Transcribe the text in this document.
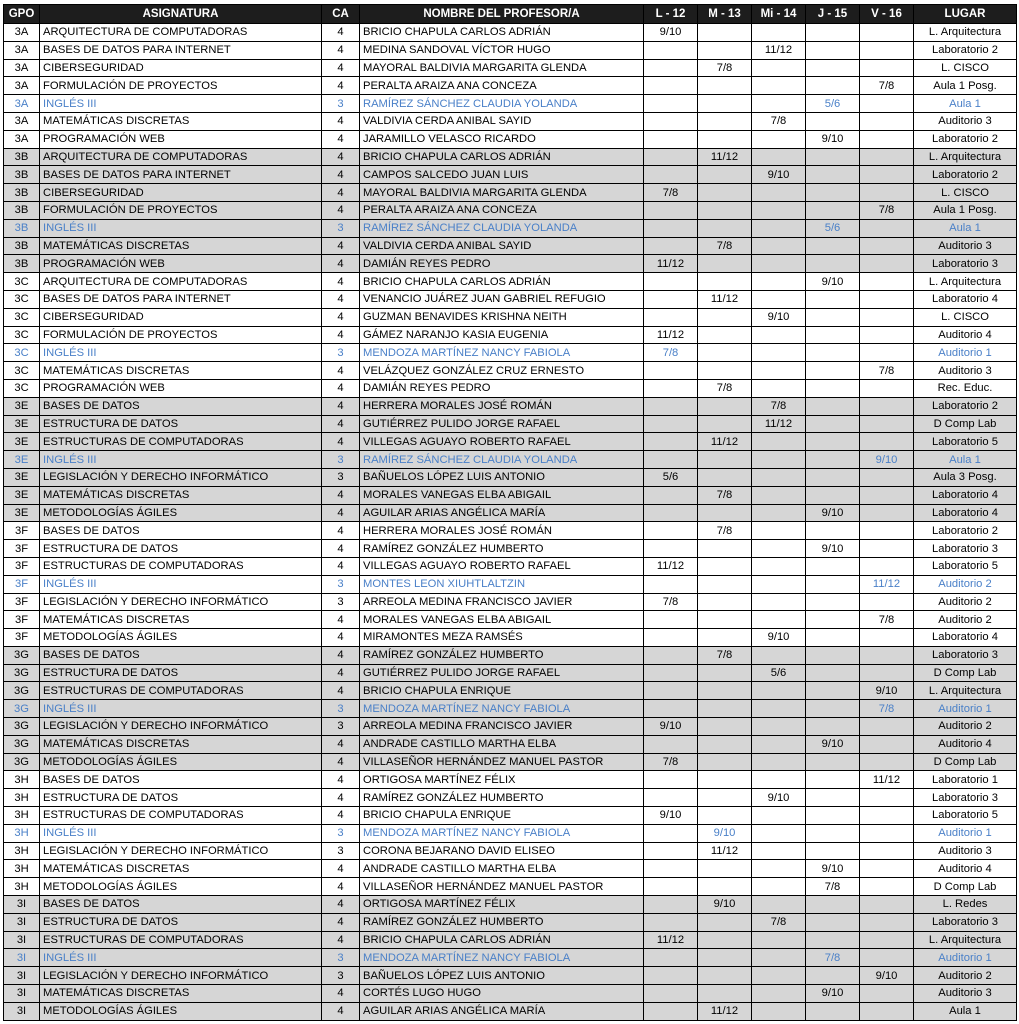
GPO	ASIGNATURA	CA	NOMBRE DEL PROFESOR/A	L - 12	M - 13	Mi - 14	J - 15	V - 16	LUGAR
3A	ARQUITECTURA DE COMPUTADORAS	4	BRICIO CHAPULA CARLOS ADRIÁN	9/10					L. Arquitectura
3A	BASES DE DATOS PARA INTERNET	4	MEDINA SANDOVAL VÍCTOR HUGO			11/12			Laboratorio 2
3A	CIBERSEGURIDAD	4	MAYORAL BALDIVIA MARGARITA GLENDA		7/8				L. CISCO
3A	FORMULACIÓN DE PROYECTOS	4	PERALTA ARAIZA ANA CONCEZA					7/8	Aula 1 Posg.
3A	INGLÉS III	3	RAMÍREZ SÁNCHEZ CLAUDIA YOLANDA				5/6		Aula 1
3A	MATEMÁTICAS DISCRETAS	4	VALDIVIA CERDA ANIBAL SAYID			7/8			Auditorio 3
3A	PROGRAMACIÓN WEB	4	JARAMILLO VELASCO RICARDO				9/10		Laboratorio 2
3B	ARQUITECTURA DE COMPUTADORAS	4	BRICIO CHAPULA CARLOS ADRIÁN		11/12				L. Arquitectura
3B	BASES DE DATOS PARA INTERNET	4	CAMPOS SALCEDO JUAN LUIS			9/10			Laboratorio 2
3B	CIBERSEGURIDAD	4	MAYORAL BALDIVIA MARGARITA GLENDA	7/8					L. CISCO
3B	FORMULACIÓN DE PROYECTOS	4	PERALTA ARAIZA ANA CONCEZA					7/8	Aula 1 Posg.
3B	INGLÉS III	3	RAMÍREZ SÁNCHEZ CLAUDIA YOLANDA				5/6		Aula 1
3B	MATEMÁTICAS DISCRETAS	4	VALDIVIA CERDA ANIBAL SAYID		7/8				Auditorio 3
3B	PROGRAMACIÓN WEB	4	DAMIÁN REYES PEDRO	11/12					Laboratorio 3
3C	ARQUITECTURA DE COMPUTADORAS	4	BRICIO CHAPULA CARLOS ADRIÁN				9/10		L. Arquitectura
3C	BASES DE DATOS PARA INTERNET	4	VENANCIO JUÁREZ JUAN GABRIEL REFUGIO		11/12				Laboratorio 4
3C	CIBERSEGURIDAD	4	GUZMAN BENAVIDES KRISHNA NEITH			9/10			L. CISCO
3C	FORMULACIÓN DE PROYECTOS	4	GÁMEZ NARANJO KASIA EUGENIA	11/12					Auditorio 4
3C	INGLÉS III	3	MENDOZA MARTÍNEZ NANCY FABIOLA	7/8					Auditorio 1
3C	MATEMÁTICAS DISCRETAS	4	VELÁZQUEZ GONZÁLEZ CRUZ ERNESTO					7/8	Auditorio 3
3C	PROGRAMACIÓN WEB	4	DAMIÁN REYES PEDRO		7/8				Rec. Educ.
3E	BASES DE DATOS	4	HERRERA MORALES JOSÉ ROMÁN			7/8			Laboratorio 2
3E	ESTRUCTURA DE DATOS	4	GUTIÉRREZ PULIDO JORGE RAFAEL			11/12			D Comp Lab
3E	ESTRUCTURAS DE COMPUTADORAS	4	VILLEGAS AGUAYO ROBERTO RAFAEL		11/12				Laboratorio 5
3E	INGLÉS III	3	RAMÍREZ SÁNCHEZ CLAUDIA YOLANDA					9/10	Aula 1
3E	LEGISLACIÓN Y DERECHO INFORMÁTICO	3	BAÑUELOS LÓPEZ LUIS ANTONIO	5/6					Aula 3 Posg.
3E	MATEMÁTICAS DISCRETAS	4	MORALES VANEGAS ELBA ABIGAIL		7/8				Laboratorio 4
3E	METODOLOGÍAS ÁGILES	4	AGUILAR ARIAS ANGÉLICA MARÍA				9/10		Laboratorio 4
3F	BASES DE DATOS	4	HERRERA MORALES JOSÉ ROMÁN		7/8				Laboratorio 2
3F	ESTRUCTURA DE DATOS	4	RAMÍREZ GONZÁLEZ HUMBERTO				9/10		Laboratorio 3
3F	ESTRUCTURAS DE COMPUTADORAS	4	VILLEGAS AGUAYO ROBERTO RAFAEL	11/12					Laboratorio 5
3F	INGLÉS III	3	MONTES LEON XIUHTLALTZIN					11/12	Auditorio 2
3F	LEGISLACIÓN Y DERECHO INFORMÁTICO	3	ARREOLA MEDINA FRANCISCO JAVIER	7/8					Auditorio 2
3F	MATEMÁTICAS DISCRETAS	4	MORALES VANEGAS ELBA ABIGAIL					7/8	Auditorio 2
3F	METODOLOGÍAS ÁGILES	4	MIRAMONTES MEZA RAMSÉS			9/10			Laboratorio 4
3G	BASES DE DATOS	4	RAMÍREZ GONZÁLEZ HUMBERTO		7/8				Laboratorio 3
3G	ESTRUCTURA DE DATOS	4	GUTIÉRREZ PULIDO JORGE RAFAEL			5/6			D Comp Lab
3G	ESTRUCTURAS DE COMPUTADORAS	4	BRICIO CHAPULA ENRIQUE					9/10	L. Arquitectura
3G	INGLÉS III	3	MENDOZA MARTÍNEZ NANCY FABIOLA					7/8	Auditorio 1
3G	LEGISLACIÓN Y DERECHO INFORMÁTICO	3	ARREOLA MEDINA FRANCISCO JAVIER	9/10					Auditorio 2
3G	MATEMÁTICAS DISCRETAS	4	ANDRADE CASTILLO MARTHA ELBA				9/10		Auditorio 4
3G	METODOLOGÍAS ÁGILES	4	VILLASEÑOR HERNÁNDEZ MANUEL PASTOR	7/8					D Comp Lab
3H	BASES DE DATOS	4	ORTIGOSA MARTÍNEZ FÉLIX					11/12	Laboratorio 1
3H	ESTRUCTURA DE DATOS	4	RAMÍREZ GONZÁLEZ HUMBERTO			9/10			Laboratorio 3
3H	ESTRUCTURAS DE COMPUTADORAS	4	BRICIO CHAPULA ENRIQUE	9/10					Laboratorio 5
3H	INGLÉS III	3	MENDOZA MARTÍNEZ NANCY FABIOLA		9/10				Auditorio 1
3H	LEGISLACIÓN Y DERECHO INFORMÁTICO	3	CORONA BEJARANO DAVID ELISEO		11/12				Auditorio 3
3H	MATEMÁTICAS DISCRETAS	4	ANDRADE CASTILLO MARTHA ELBA				9/10		Auditorio 4
3H	METODOLOGÍAS ÁGILES	4	VILLASEÑOR HERNÁNDEZ MANUEL PASTOR				7/8		D Comp Lab
3I	BASES DE DATOS	4	ORTIGOSA MARTÍNEZ FÉLIX		9/10				L. Redes
3I	ESTRUCTURA DE DATOS	4	RAMÍREZ GONZÁLEZ HUMBERTO			7/8			Laboratorio 3
3I	ESTRUCTURAS DE COMPUTADORAS	4	BRICIO CHAPULA CARLOS ADRIÁN	11/12					L. Arquitectura
3I	INGLÉS III	3	MENDOZA MARTÍNEZ NANCY FABIOLA				7/8		Auditorio 1
3I	LEGISLACIÓN Y DERECHO INFORMÁTICO	3	BAÑUELOS LÓPEZ LUIS ANTONIO					9/10	Auditorio 2
3I	MATEMÁTICAS DISCRETAS	4	CORTÉS LUGO HUGO				9/10		Auditorio 3
3I	METODOLOGÍAS ÁGILES	4	AGUILAR ARIAS ANGÉLICA MARÍA		11/12				Aula 1
